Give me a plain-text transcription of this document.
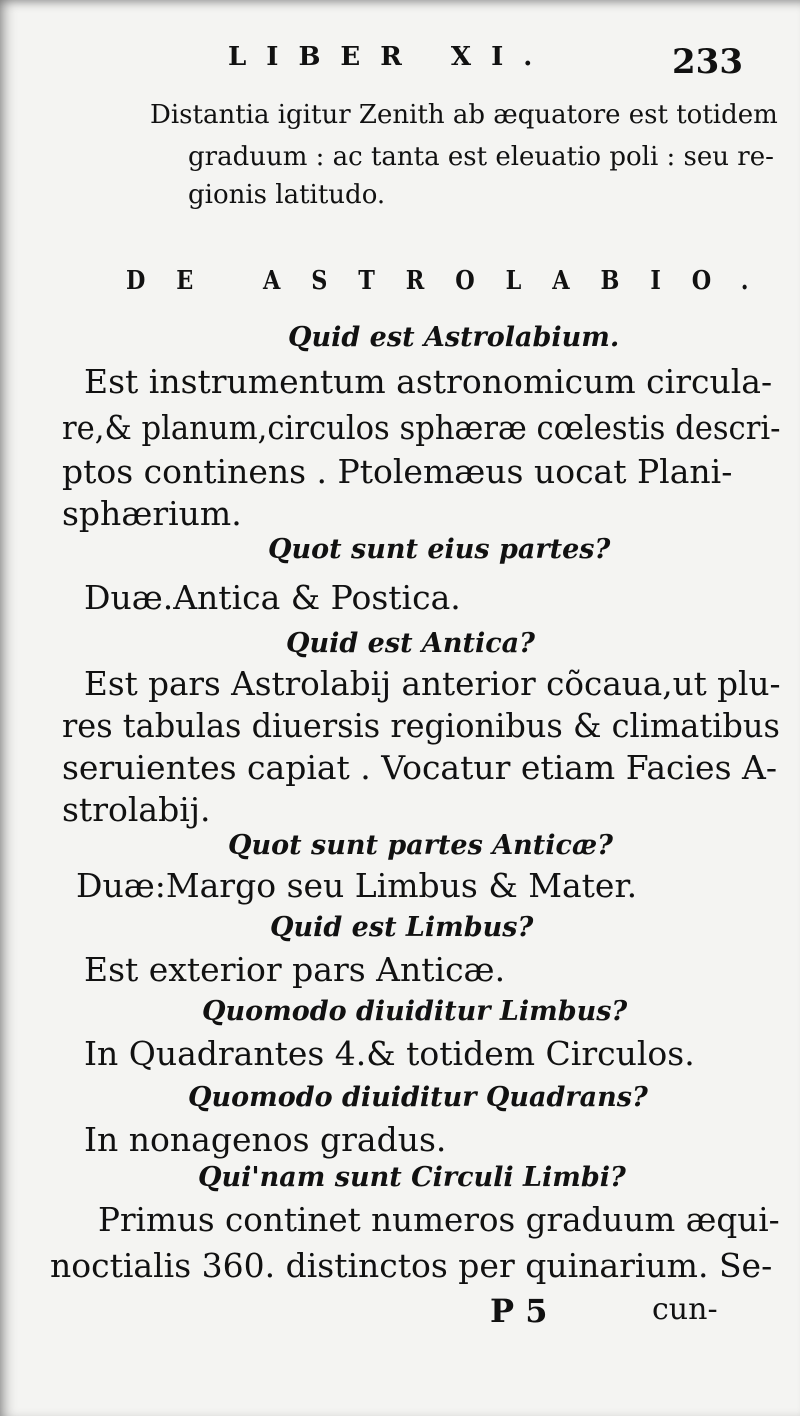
LIBER XI.	233
Distantia igitur Zenith ab æquatore est totidem
graduum : ac tanta est eleuatio poli : seu re-
gionis latitudo.
DE ASTROLABIO.
Quid est Astrolabium.
Est instrumentum astronomicum circula-
re,& planum,circulos sphæræ cœlestis descri-
ptos continens . Ptolemæus uocat Plani-
sphærium.
Quot sunt eius partes?
Duæ.Antica & Postica.
Quid est Antica?
Est pars Astrolabij anterior cõcaua,ut plu-
res tabulas diuersis regionibus & climatibus
seruientes capiat . Vocatur etiam Facies A-
strolabij.
Quot sunt partes Anticæ?
Duæ:Margo seu Limbus & Mater.
Quid est Limbus?
Est exterior pars Anticæ.
Quomodo diuiditur Limbus?
In Quadrantes 4.& totidem Circulos.
Quomodo diuiditur Quadrans?
In nonagenos gradus.
Qui'nam sunt Circuli Limbi?
Primus continet numeros graduum æqui-
noctialis 360. distinctos per quinarium. Se-
P 5	cun-
